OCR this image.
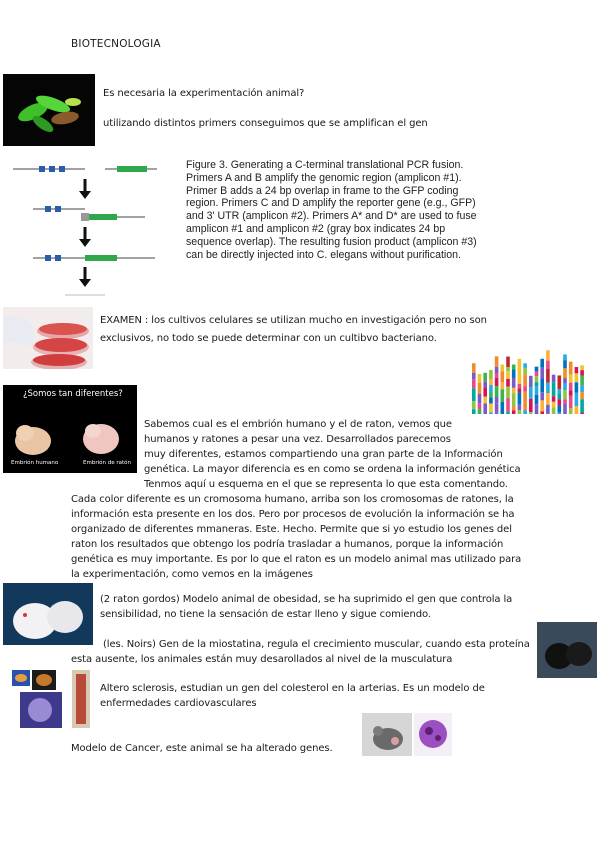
BIOTECNOLOGIA
Es necesaria la experimentación animal?
utilizando distintos primers conseguimos que se amplifican el gen
Figure 3. Generating a C-terminal translational PCR fusion.
Primers A and B amplify the genomic region (amplicon #1).
Primer B adds a 24 bp overlap in frame to the GFP coding
region. Primers C and D amplify the reporter gene (e.g., GFP)
and 3' UTR (amplicon #2). Primers A* and D* are used to fuse
amplicon #1 and amplicon #2 (gray box indicates 24 bp
sequence overlap). The resulting fusion product (amplicon #3)
can be directly injected into C. elegans without purification.
EXAMEN : los cultivos celulares se utilizan mucho en investigación pero no son
exclusivos, no todo se puede determinar con un cultibvo bacteriano.
¿Somos tan diferentes?
Embrión humano	Embrión de ratón
Sabemos cual es el embrión humano y el de raton, vemos que
humanos y ratones a pesar una vez. Desarrollados parecemos
muy diferentes, estamos compartiendo una gran parte de la Información
genética. La mayor diferencia es en como se ordena la información genética
Tenmos aquí u esquema en el que se representa lo que esta comentando.
Cada color diferente es un cromosoma humano, arriba son los cromosomas de ratones, la
información esta presente en los dos. Pero por procesos de evolución la información se ha
organizado de diferentes mmaneras. Este. Hecho. Permite que si yo estudio los genes del
raton los resultados que obtengo los podría trasladar a humanos, porque la información
genética es muy importante. Es por lo que el raton es un modelo animal mas utilizado para
la experimentación, como vemos en la imágenes
(2 raton gordos) Modelo animal de obesidad, se ha suprimido el gen que controla la
sensibilidad, no tiene la sensación de estar lleno y sigue comiendo.
(les. Noirs) Gen de la miostatina, regula el crecimiento muscular, cuando esta proteína
esta ausente, los animales están muy desarollados al nivel de la musculatura
Altero sclerosis, estudian un gen del colesterol en la arterias. Es un modelo de
enfermedades cardiovasculares
Modelo de Cancer, este animal se ha alterado genes.
